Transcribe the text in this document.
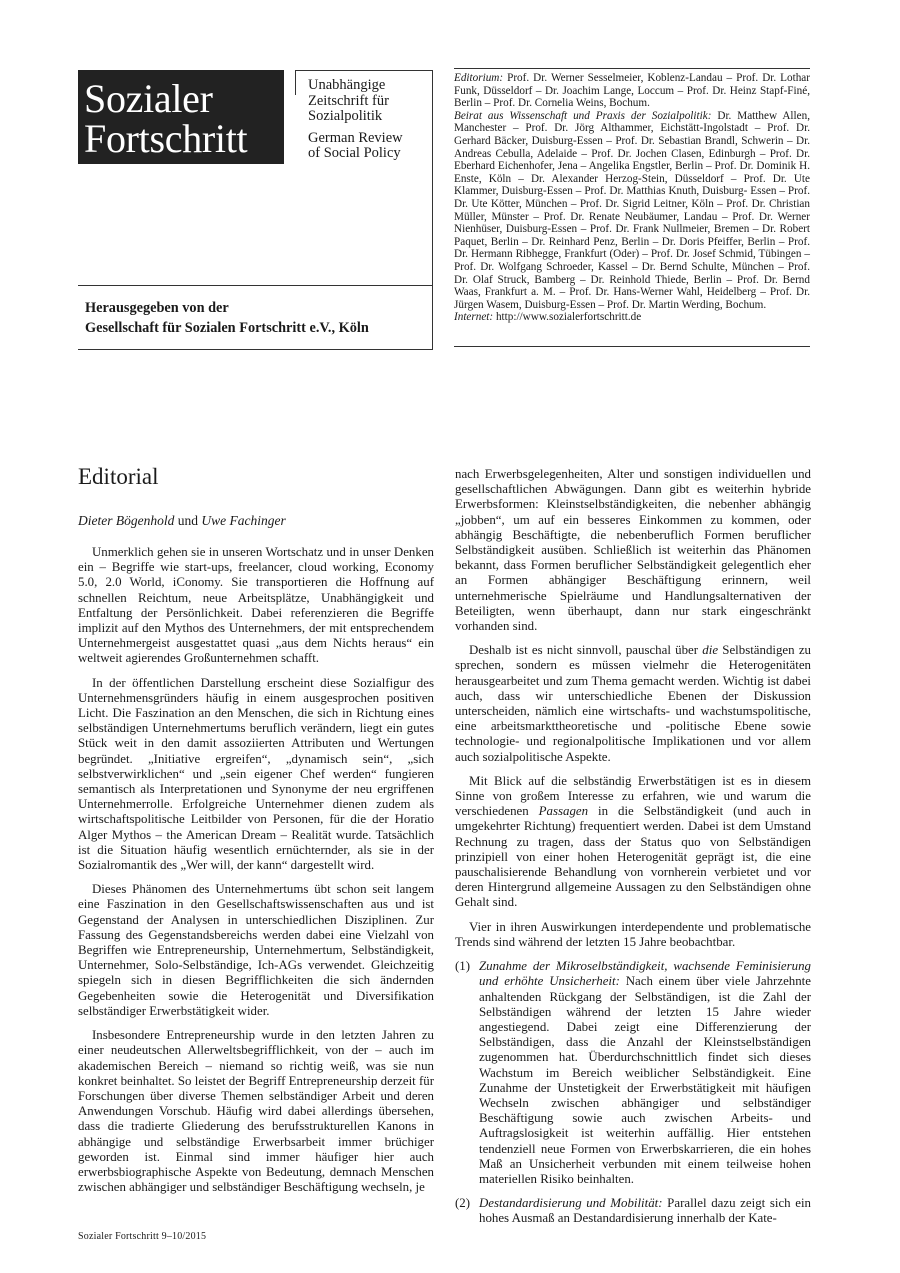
Sozialer
Fortschritt
Unabhängige
Zeitschrift für
Sozialpolitik
German Review
of Social Policy
Herausgegeben von der
Gesellschaft für Sozialen Fortschritt e.V., Köln

Editorium: Prof. Dr. Werner Sesselmeier, Koblenz-Landau – Prof. Dr. Lothar Funk, Düsseldorf – Dr. Joachim Lange, Loccum – Prof. Dr. Heinz Stapf-Finé, Berlin – Prof. Dr. Cornelia Weins, Bochum.

Beirat aus Wissenschaft und Praxis der Sozialpolitik: Dr. Matthew Allen, Manchester – Prof. Dr. Jörg Althammer, Eichstätt-Ingolstadt – Prof. Dr. Gerhard Bäcker, Duisburg-Essen – Prof. Dr. Sebastian Brandl, Schwerin – Dr. Andreas Cebulla, Adelaide – Prof. Dr. Jochen Clasen, Edinburgh – Prof. Dr. Eberhard Eichenhofer, Jena – Angelika Engstler, Berlin – Prof. Dr. Dominik H. Enste, Köln – Dr. Alexander Herzog-Stein, Düsseldorf – Prof. Dr. Ute Klammer, Duisburg-Essen – Prof. Dr. Matthias Knuth, Duisburg- Essen – Prof. Dr. Ute Kötter, München – Prof. Dr. Sigrid Leitner, Köln – Prof. Dr. Christian Müller, Münster – Prof. Dr. Renate Neubäumer, Landau – Prof. Dr. Werner Nienhüser, Duisburg-Essen – Prof. Dr. Frank Nullmeier, Bremen – Dr. Robert Paquet, Berlin – Dr. Reinhard Penz, Berlin – Dr. Doris Pfeiffer, Berlin – Prof. Dr. Hermann Ribhegge, Frankfurt (Oder) – Prof. Dr. Josef Schmid, Tübingen – Prof. Dr. Wolfgang Schroeder, Kassel – Dr. Bernd Schulte, München – Prof. Dr. Olaf Struck, Bamberg – Dr. Reinhold Thiede, Berlin – Prof. Dr. Bernd Waas, Frankfurt a. M. – Prof. Dr. Hans-Werner Wahl, Heidelberg – Prof. Dr. Jürgen Wasem, Duisburg-Essen – Prof. Dr. Martin Werding, Bochum.

Internet: http://www.sozialerfortschritt.de

Editorial
Dieter Bögenhold und Uwe Fachinger

Unmerklich gehen sie in unseren Wortschatz und in unser Denken ein – Begriffe wie start-ups, freelancer, cloud working, Economy 5.0, 2.0 World, iConomy. Sie transportieren die Hoffnung auf schnellen Reichtum, neue Arbeitsplätze, Unabhängigkeit und Entfaltung der Persönlichkeit. Dabei referenzieren die Begriffe implizit auf den Mythos des Unternehmers, der mit entsprechendem Unternehmergeist ausgestattet quasi „aus dem Nichts heraus“ ein weltweit agierendes Großunternehmen schafft.

In der öffentlichen Darstellung erscheint diese Sozialfigur des Unternehmensgründers häufig in einem ausgesprochen positiven Licht. Die Faszination an den Menschen, die sich in Richtung eines selbständigen Unternehmertums beruflich verändern, liegt ein gutes Stück weit in den damit assoziierten Attributen und Wertungen begründet. „Initiative ergreifen“, „dynamisch sein“, „sich selbstverwirklichen“ und „sein eigener Chef werden“ fungieren semantisch als Interpretationen und Synonyme der neu ergriffenen Unternehmerrolle. Erfolgreiche Unternehmer dienen zudem als wirtschaftspolitische Leitbilder von Personen, für die der Horatio Alger Mythos – the American Dream – Realität wurde. Tatsächlich ist die Situation häufig wesentlich ernüchternder, als sie in der Sozialromantik des „Wer will, der kann“ dargestellt wird.

Dieses Phänomen des Unternehmertums übt schon seit langem eine Faszination in den Gesellschaftswissenschaften aus und ist Gegenstand der Analysen in unterschiedlichen Disziplinen. Zur Fassung des Gegenstandsbereichs werden dabei eine Vielzahl von Begriffen wie Entrepreneurship, Unternehmertum, Selbständigkeit, Unternehmer, Solo-Selbständige, Ich-AGs verwendet. Gleichzeitig spiegeln sich in diesen Begrifflichkeiten die sich ändernden Gegebenheiten sowie die Heterogenität und Diversifikation selbständiger Erwerbstätigkeit wider.

Insbesondere Entrepreneurship wurde in den letzten Jahren zu einer neudeutschen Allerweltsbegrifflichkeit, von der – auch im akademischen Bereich – niemand so richtig weiß, was sie nun konkret beinhaltet. So leistet der Begriff Entrepreneurship derzeit für Forschungen über diverse Themen selbständiger Arbeit und deren Anwendungen Vorschub. Häufig wird dabei allerdings übersehen, dass die tradierte Gliederung des berufsstrukturellen Kanons in abhängige und selbständige Erwerbsarbeit immer brüchiger geworden ist. Einmal sind immer häufiger hier auch erwerbsbiographische Aspekte von Bedeutung, demnach Menschen zwischen abhängiger und selbständiger Beschäftigung wechseln, je

nach Erwerbsgelegenheiten, Alter und sonstigen individuellen und gesellschaftlichen Abwägungen. Dann gibt es weiterhin hybride Erwerbsformen: Kleinstselbständigkeiten, die nebenher abhängig „jobben“, um auf ein besseres Einkommen zu kommen, oder abhängig Beschäftigte, die nebenberuflich Formen beruflicher Selbständigkeit ausüben. Schließlich ist weiterhin das Phänomen bekannt, dass Formen beruflicher Selbständigkeit gelegentlich eher an Formen abhängiger Beschäftigung erinnern, weil unternehmerische Spielräume und Handlungsalternativen der Beteiligten, wenn überhaupt, dann nur stark eingeschränkt vorhanden sind.

Deshalb ist es nicht sinnvoll, pauschal über die Selbständigen zu sprechen, sondern es müssen vielmehr die Heterogenitäten herausgearbeitet und zum Thema gemacht werden. Wichtig ist dabei auch, dass wir unterschiedliche Ebenen der Diskussion unterscheiden, nämlich eine wirtschafts- und wachstumspolitische, eine arbeitsmarkttheoretische und -politische Ebene sowie technologie- und regionalpolitische Implikationen und vor allem auch sozialpolitische Aspekte.

Mit Blick auf die selbständig Erwerbstätigen ist es in diesem Sinne von großem Interesse zu erfahren, wie und warum die verschiedenen Passagen in die Selbständigkeit (und auch in umgekehrter Richtung) frequentiert werden. Dabei ist dem Umstand Rechnung zu tragen, dass der Status quo von Selbständigen prinzipiell von einer hohen Heterogenität geprägt ist, die eine pauschalisierende Behandlung von vornherein verbietet und vor deren Hintergrund allgemeine Aussagen zu den Selbständigen ohne Gehalt sind.

Vier in ihren Auswirkungen interdependente und problematische Trends sind während der letzten 15 Jahre beobachtbar.

(1) Zunahme der Mikroselbständigkeit, wachsende Feminisierung und erhöhte Unsicherheit: Nach einem über viele Jahrzehnte anhaltenden Rückgang der Selbständigen, ist die Zahl der Selbständigen während der letzten 15 Jahre wieder angestiegend. Dabei zeigt eine Differenzierung der Selbständigen, dass die Anzahl der Kleinstselbständigen zugenommen hat. Überdurchschnittlich findet sich dieses Wachstum im Bereich weiblicher Selbständigkeit. Eine Zunahme der Unstetigkeit der Erwerbstätigkeit mit häufigen Wechseln zwischen abhängiger und selbständiger Beschäftigung sowie auch zwischen Arbeits- und Auftragslosigkeit ist weiterhin auffällig. Hier entstehen tendenziell neue Formen von Erwerbskarrieren, die ein hohes Maß an Unsicherheit verbunden mit einem teilweise hohen materiellen Risiko beinhalten.
(2) Destandardisierung und Mobilität: Parallel dazu zeigt sich ein hohes Ausmaß an Destandardisierung innerhalb der Kate-
Sozialer Fortschritt 9–10/2015
